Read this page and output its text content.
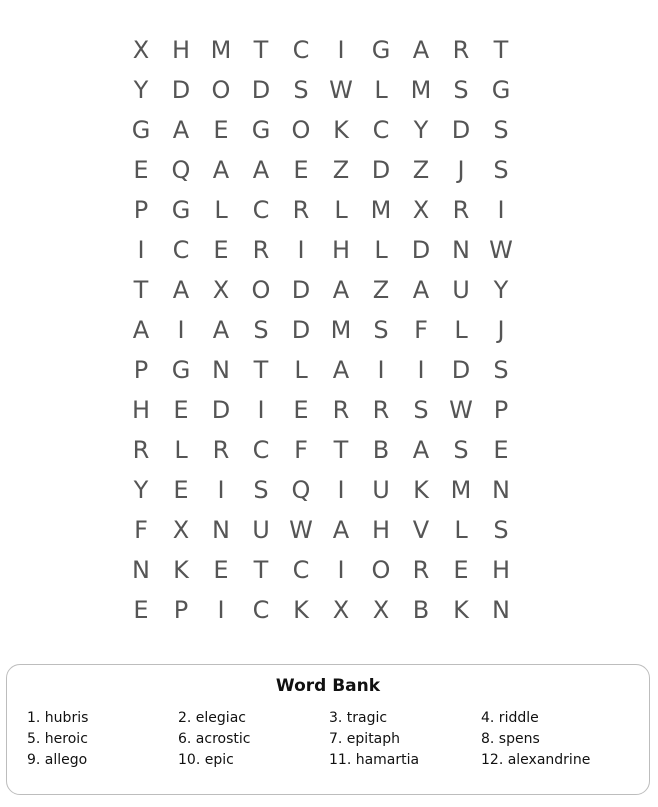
X H M T	C	I	G A R	T
Y D O D S W L M S G
G A	E G O K C	Y D S
E Q A A	E	Z D Z	J	S
P G	L	C R	L M X R	I
I	C	E	R	I	H	L	D N W
T	A X O D A Z A U Y
A	I	A	S D M S	F	L	J
P G N T	L	A	I	I	D S
H E D	I	E	R R	S W P
R	L	R C	F	T	B A	S	E
Y	E	I	S Q	I	U K M N
F	X N U W A H V	L	S
N K	E	T	C	I	O R	E H
E	P	I	C K X X B K N
Word Bank
1. hubris	2. elegiac	3. tragic	4. riddle
5. heroic	6. acrostic	7. epitaph	8. spens
9. allego	10. epic	11. hamartia	12. alexandrine
